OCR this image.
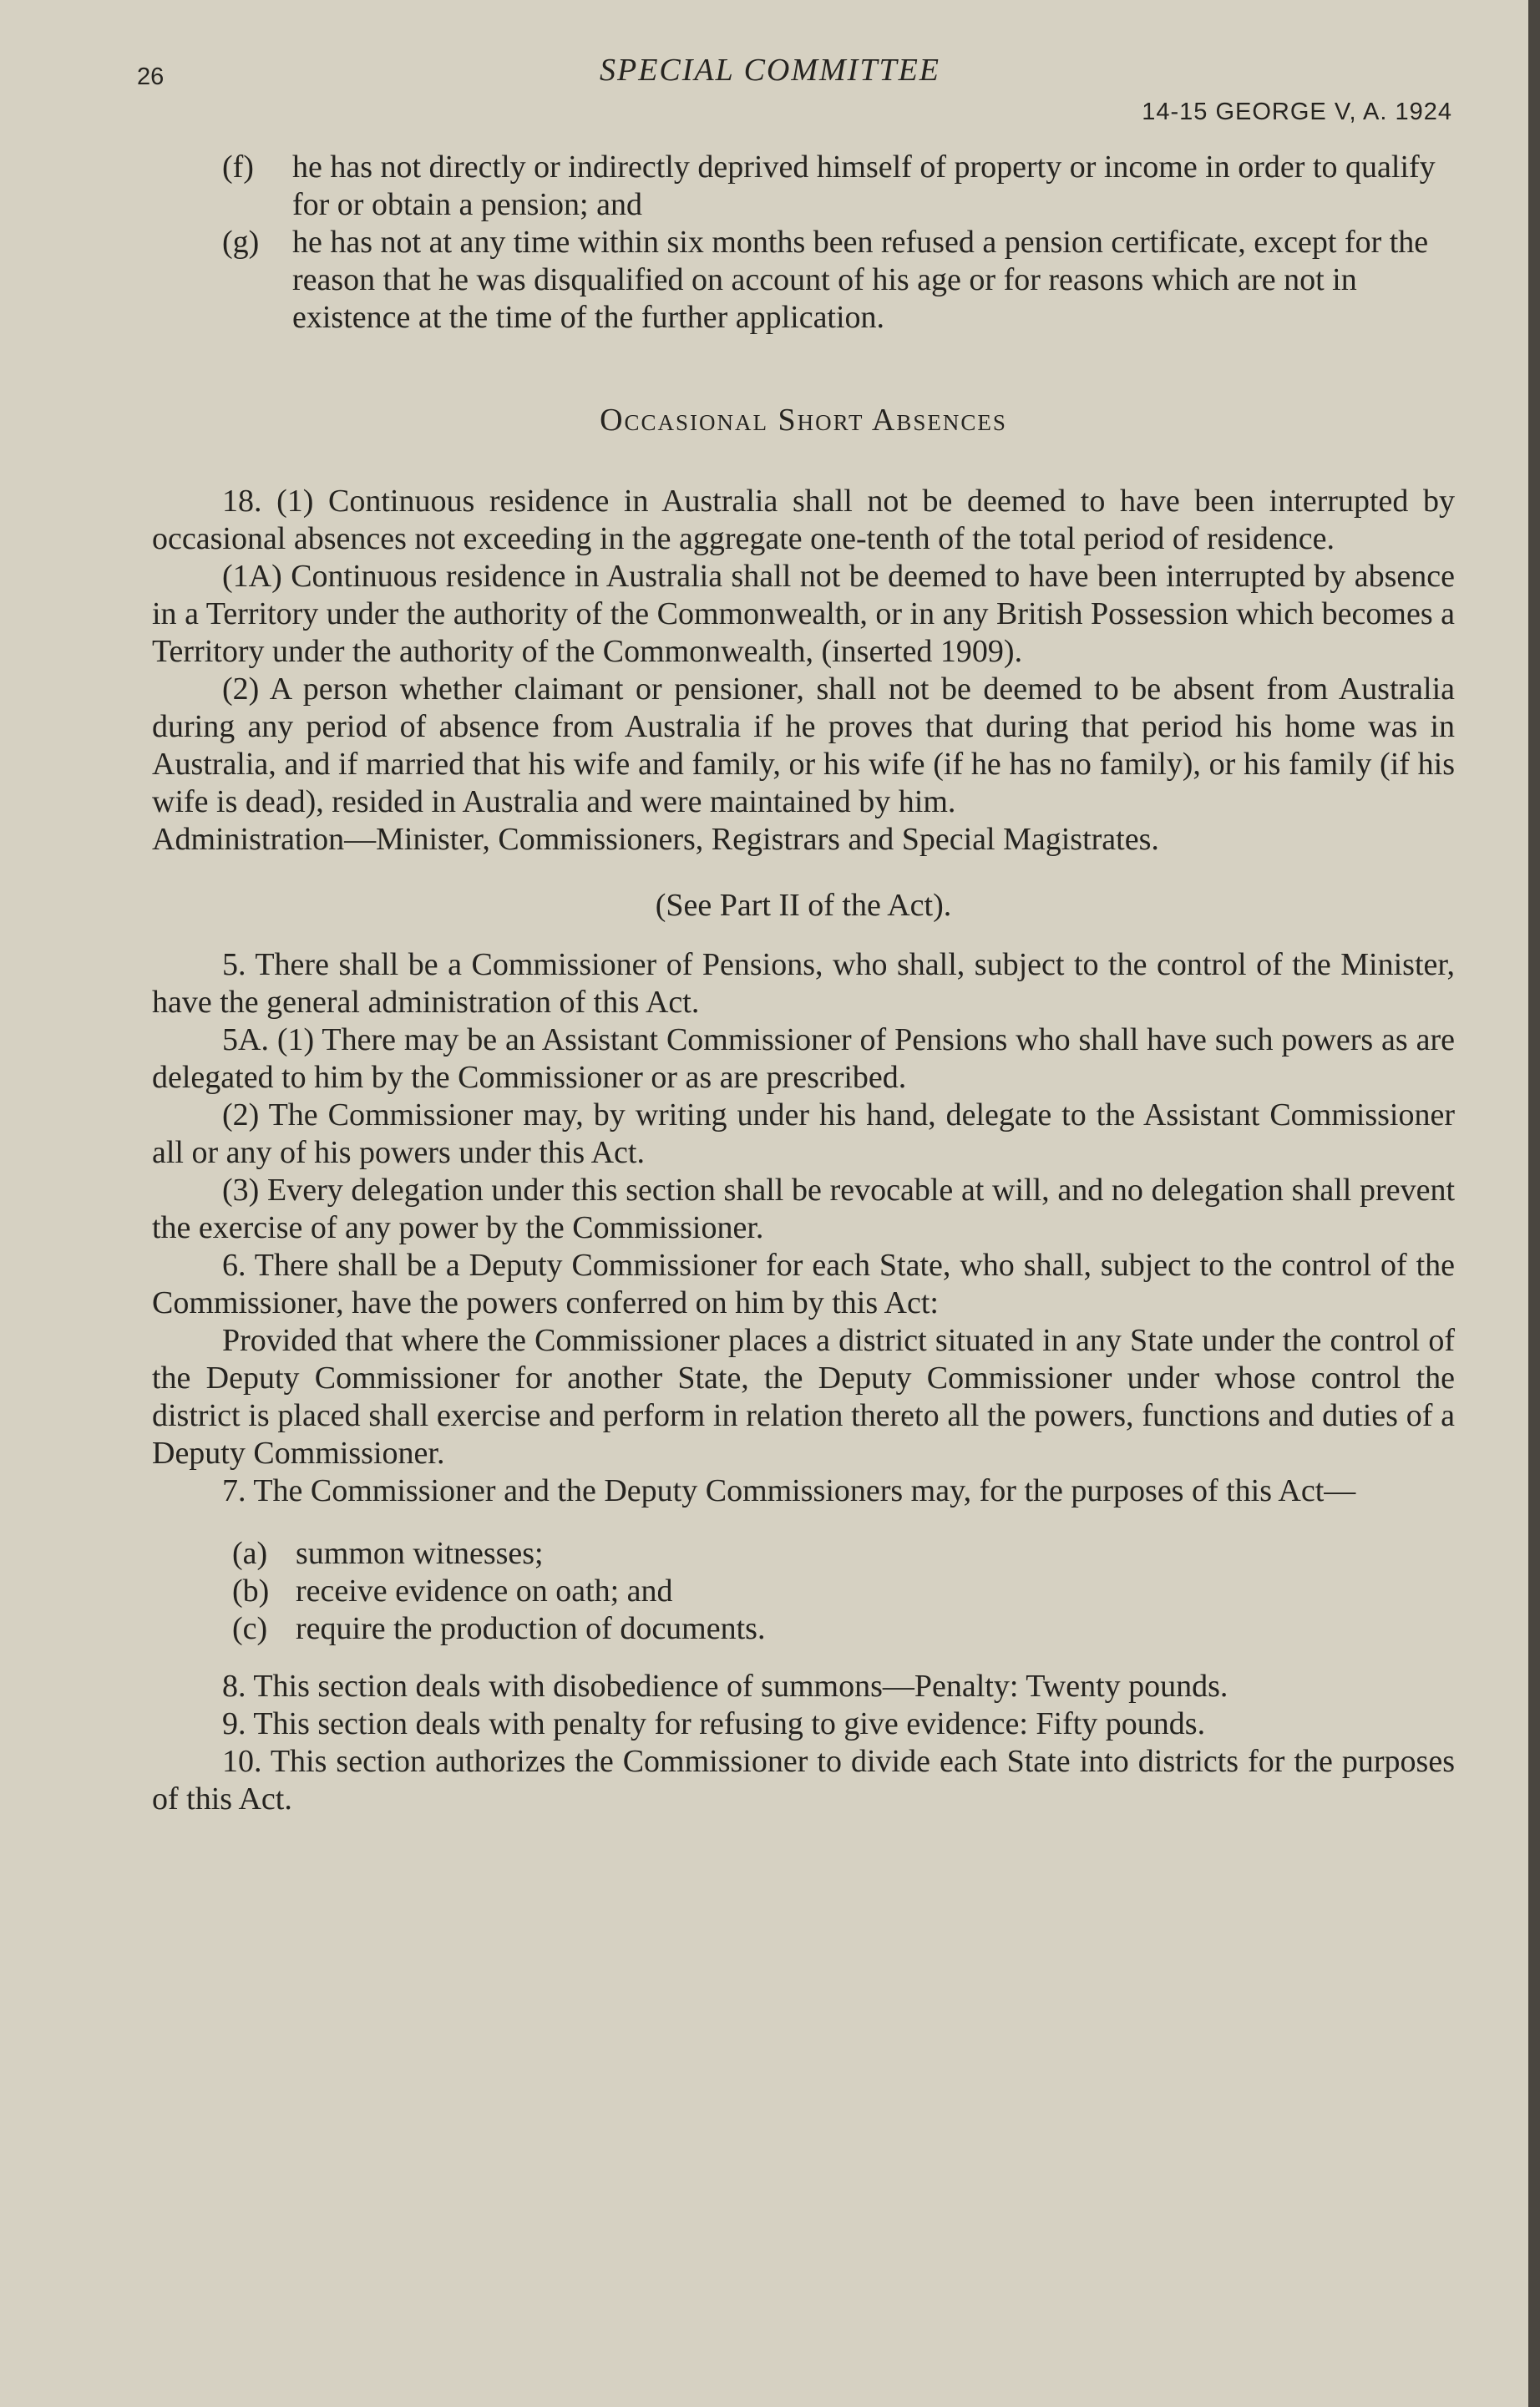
26	SPECIAL COMMITTEE
14-15 GEORGE V, A. 1924

(f) he has not directly or indirectly deprived himself of property or income in order to qualify for or obtain a pension; and

(g) he has not at any time within six months been refused a pension certificate, except for the reason that he was disqualified on account of his age or for reasons which are not in existence at the time of the further application.

Occasional Short Absences

18. (1) Continuous residence in Australia shall not be deemed to have been interrupted by occasional absences not exceeding in the aggregate one-tenth of the total period of residence.

(1A) Continuous residence in Australia shall not be deemed to have been interrupted by absence in a Territory under the authority of the Commonwealth, or in any British Possession which becomes a Territory under the authority of the Commonwealth, (inserted 1909).

(2) A person whether claimant or pensioner, shall not be deemed to be absent from Australia during any period of absence from Australia if he proves that during that period his home was in Australia, and if married that his wife and family, or his wife (if he has no family), or his family (if his wife is dead), resided in Australia and were maintained by him.

Administration—Minister, Commissioners, Registrars and Special Magistrates.

(See Part II of the Act).

5. There shall be a Commissioner of Pensions, who shall, subject to the control of the Minister, have the general administration of this Act.

5A. (1) There may be an Assistant Commissioner of Pensions who shall have such powers as are delegated to him by the Commissioner or as are prescribed.

(2) The Commissioner may, by writing under his hand, delegate to the Assistant Commissioner all or any of his powers under this Act.

(3) Every delegation under this section shall be revocable at will, and no delegation shall prevent the exercise of any power by the Commissioner.

6. There shall be a Deputy Commissioner for each State, who shall, subject to the control of the Commissioner, have the powers conferred on him by this Act:

Provided that where the Commissioner places a district situated in any State under the control of the Deputy Commissioner for another State, the Deputy Commissioner under whose control the district is placed shall exercise and perform in relation thereto all the powers, functions and duties of a Deputy Commissioner.

7. The Commissioner and the Deputy Commissioners may, for the purposes of this Act—

(a) summon witnesses;

(b) receive evidence on oath; and

(c) require the production of documents.

8. This section deals with disobedience of summons—Penalty: Twenty pounds.

9. This section deals with penalty for refusing to give evidence: Fifty pounds.

10. This section authorizes the Commissioner to divide each State into districts for the purposes of this Act.
